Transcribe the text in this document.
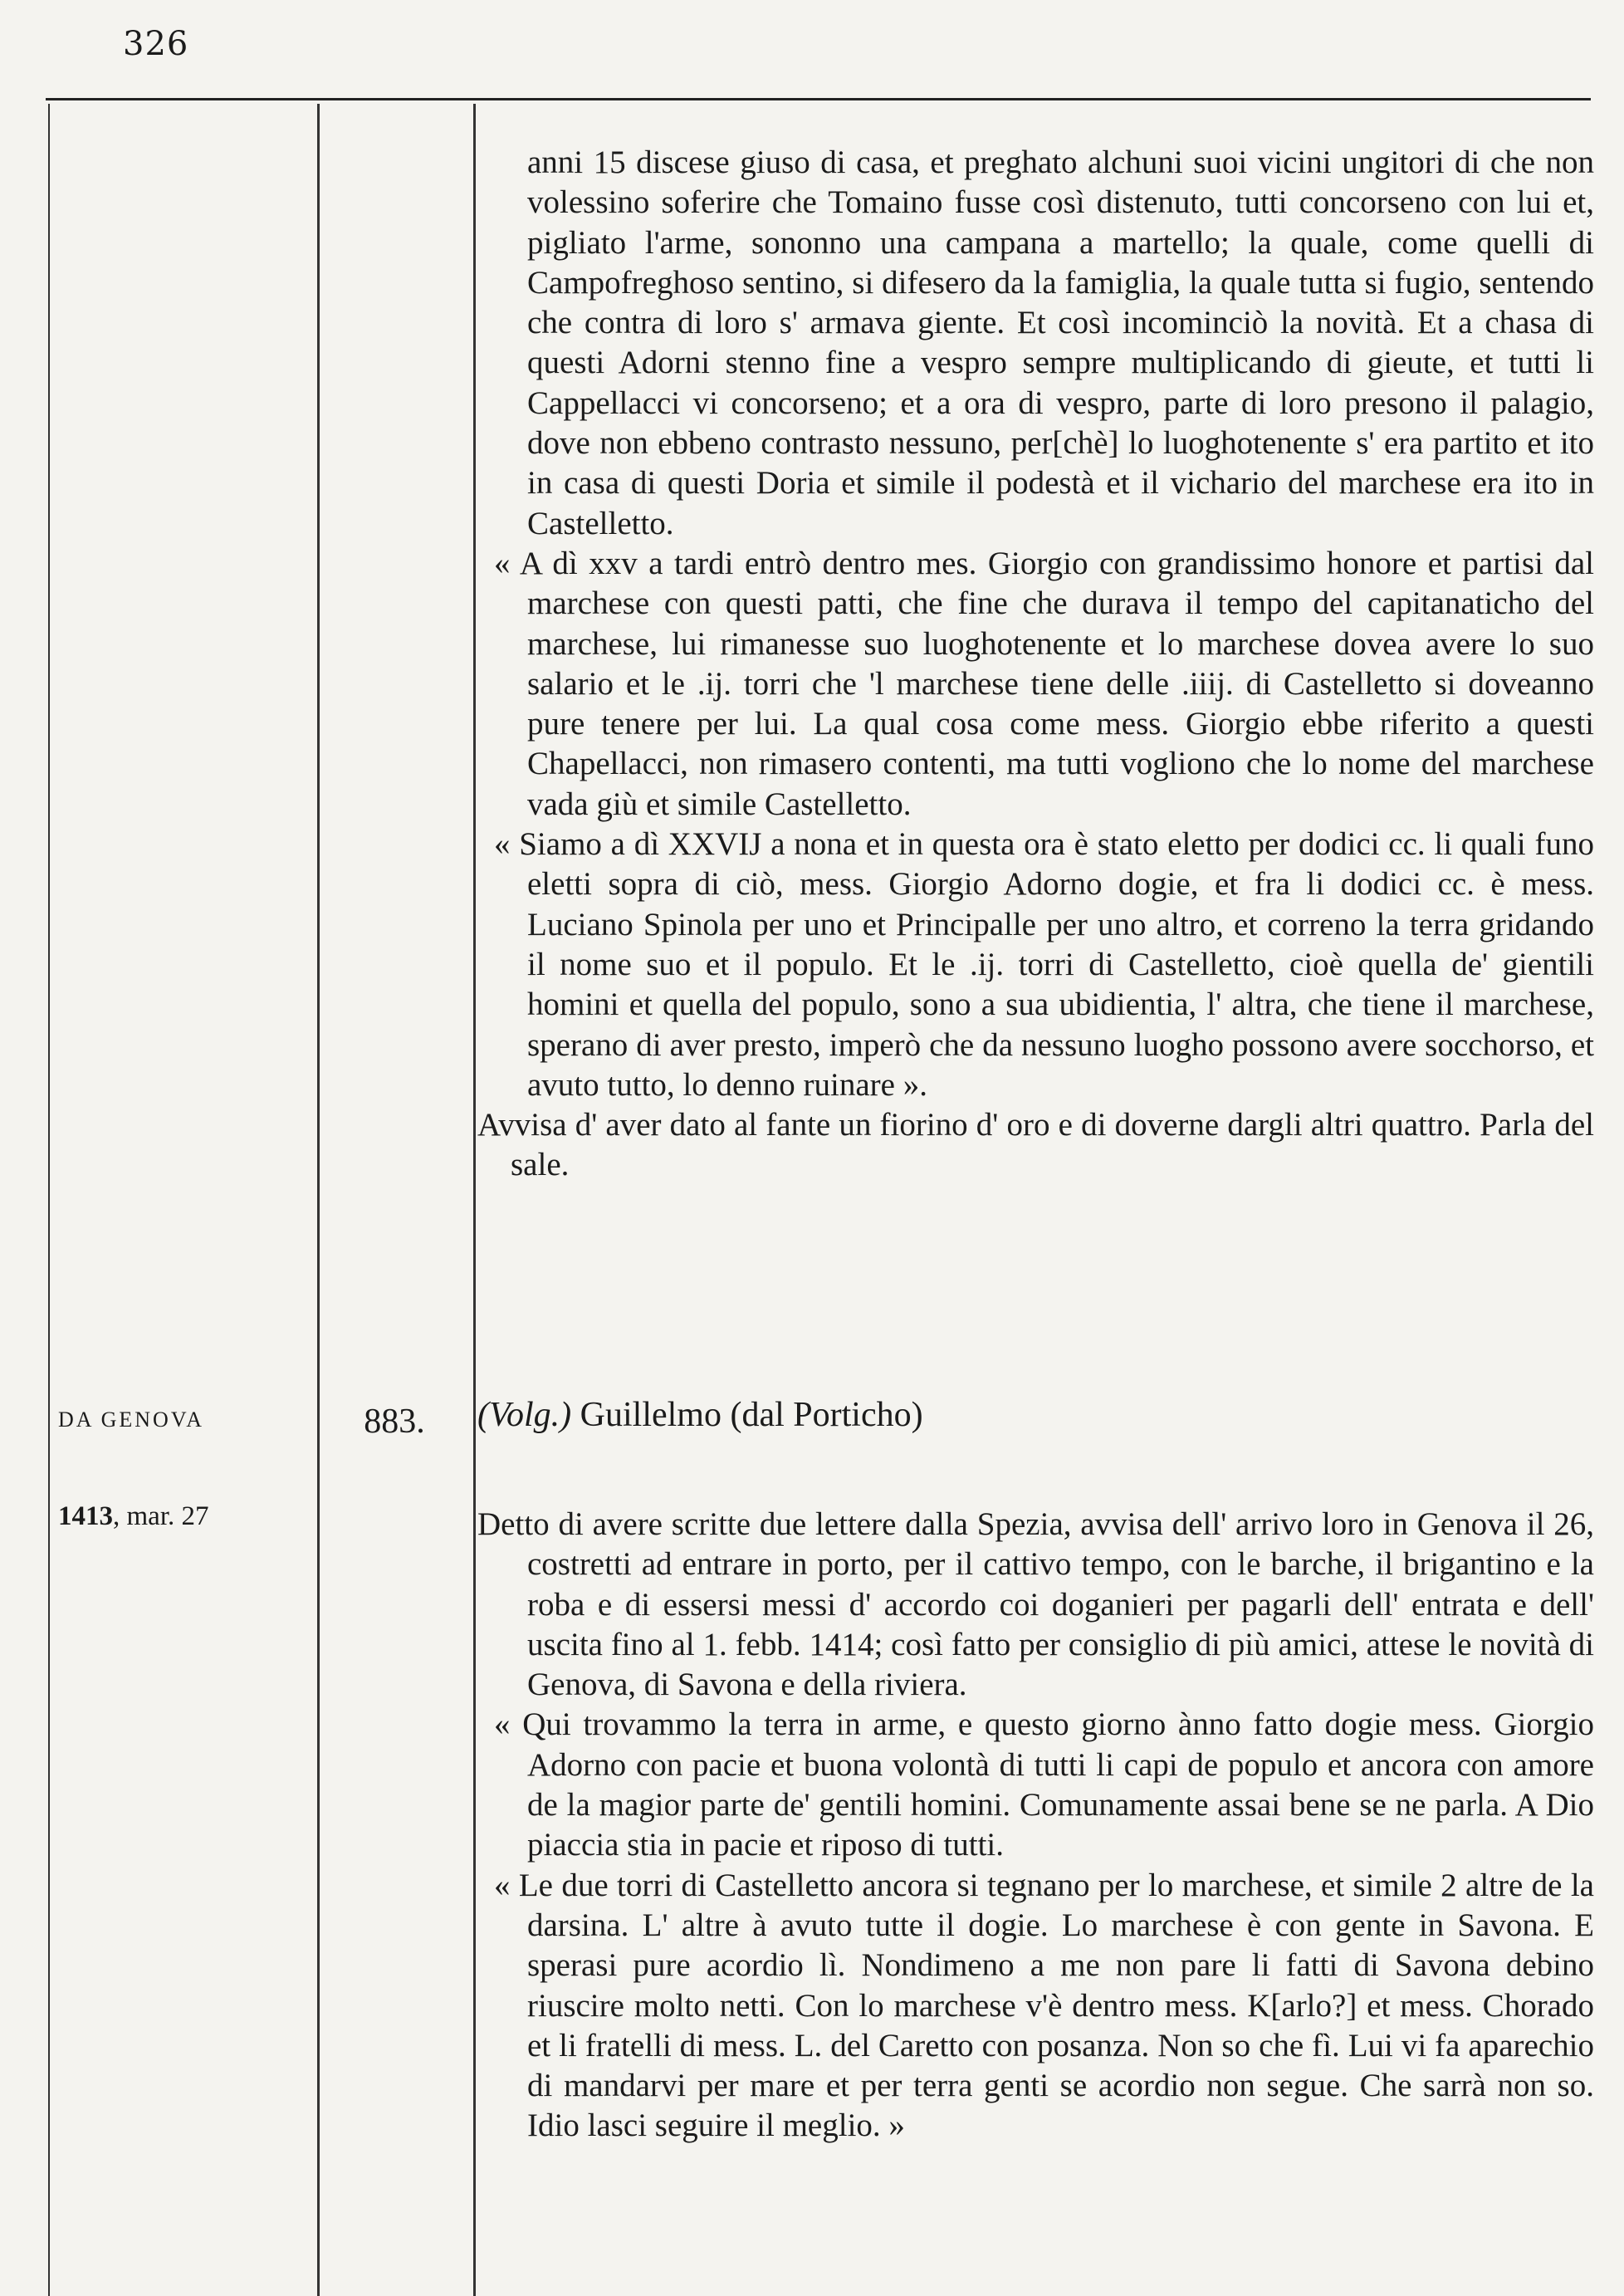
326

anni 15 discese giuso di casa, et preghato alchuni suoi vicini ungitori di che non volessino soferire che Tomaino fusse così distenuto, tutti concorseno con lui et, pigliato l'arme, sononno una campana a martello; la quale, come quelli di Campofreghoso sentino, si difesero da la famiglia, la quale tutta si fugio, sentendo che contra di loro s' armava giente. Et così incominciò la novità. Et a chasa di questi Adorni stenno fine a vespro sempre multiplicando di gieute, et tutti li Cappellacci vi concorseno; et a ora di vespro, parte di loro presono il palagio, dove non ebbeno contrasto nessuno, per[chè] lo luoghotenente s' era partito et ito in casa di questi Doria et simile il podestà et il vichario del marchese era ito in Castelletto.

« A dì xxv a tardi entrò dentro mes. Giorgio con grandissimo honore et partisi dal marchese con questi patti, che fine che durava il tempo del capitanaticho del marchese, lui rimanesse suo luoghotenente et lo marchese dovea avere lo suo salario et le .ij. torri che 'l marchese tiene delle .iiij. di Castelletto si doveanno pure tenere per lui. La qual cosa come mess. Giorgio ebbe riferito a questi Chapellacci, non rimasero contenti, ma tutti vogliono che lo nome del marchese vada giù et simile Castelletto.

« Siamo a dì XXVIJ a nona et in questa ora è stato eletto per dodici cc. li quali funo eletti sopra di ciò, mess. Giorgio Adorno dogie, et fra li dodici cc. è mess. Luciano Spinola per uno et Principalle per uno altro, et correno la terra gridando il nome suo et il populo. Et le .ij. torri di Castelletto, cioè quella de' gientili homini et quella del populo, sono a sua ubidientia, l' altra, che tiene il marchese, sperano di aver presto, imperò che da nessuno luogho possono avere socchorso, et avuto tutto, lo denno ruinare ».

Avvisa d' aver dato al fante un fiorino d' oro e di doverne dargli altri quattro. Parla del sale.

DA GENOVA	883.	(Volg.) Guillelmo (dal Porticho)
1413, mar. 27	Detto di avere scritte due lettere dalla Spezia, avvisa dell' arrivo loro in Genova il 26, costretti ad entrare in porto, per il cattivo tempo, con le barche, il brigantino e la roba e di essersi messi d' accordo coi doganieri per pagarli dell' entrata e dell' uscita fino al 1. febb. 1414; così fatto per consiglio di più amici, attese le novità di Genova, di Savona e della riviera.

« Qui trovammo la terra in arme, e questo giorno ànno fatto dogie mess. Giorgio Adorno con pacie et buona volontà di tutti li capi de populo et ancora con amore de la magior parte de' gentili homini. Comunamente assai bene se ne parla. A Dio piaccia stia in pacie et riposo di tutti.

« Le due torri di Castelletto ancora si tegnano per lo marchese, et simile 2 altre de la darsina. L' altre à avuto tutte il dogie. Lo marchese è con gente in Savona. E sperasi pure acordio lì. Nondimeno a me non pare li fatti di Savona debino riuscire molto netti. Con lo marchese v'è dentro mess. K[arlo?] et mess. Chorado et li fratelli di mess. L. del Caretto con posanza. Non so che fì. Lui vi fa aparechio di mandarvi per mare et per terra genti se acordio non segue. Che sarrà non so. Idio lasci seguire il meglio. »
